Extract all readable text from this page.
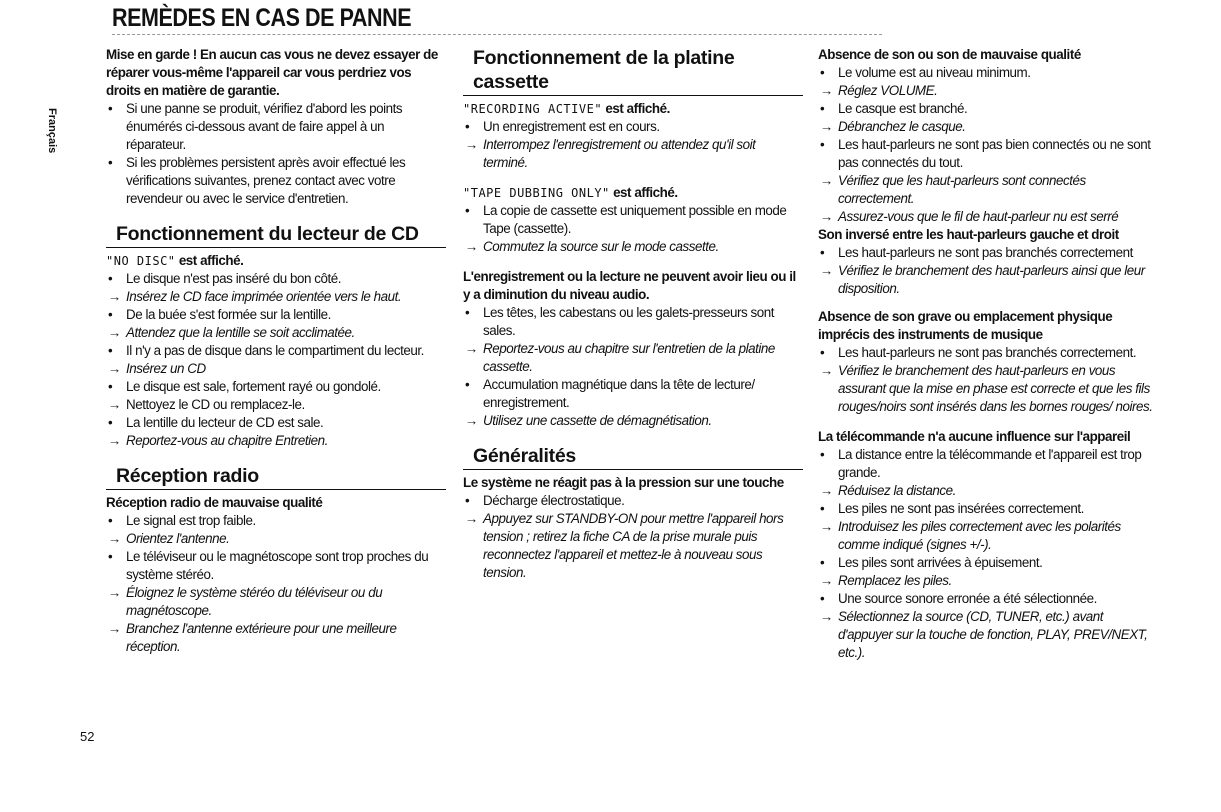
REMÈDES EN CAS DE PANNE
Français

Mise en garde ! En aucun cas vous ne devez essayer de réparer vous-même l'appareil car vous perdriez vos droits en matière de garantie.

• Si une panne se produit, vérifiez d'abord les points énumérés ci-dessous avant de faire appel à un réparateur.
• Si les problèmes persistent après avoir effectué les vérifications suivantes, prenez contact avec votre revendeur ou avec le service d'entretien.
Fonctionnement du lecteur de CD

"NO DISC" est affiché.

• Le disque n'est pas inséré du bon côté.
→ Insérez le CD face imprimée orientée vers le haut.
• De la buée s'est formée sur la lentille.
→ Attendez que la lentille se soit acclimatée.
• Il n'y a pas de disque dans le compartiment du lecteur.
→ Insérez un CD
• Le disque est sale, fortement rayé ou gondolé.
→ Nettoyez le CD ou remplacez-le.
• La lentille du lecteur de CD est sale.
→ Reportez-vous au chapitre Entretien.
Réception radio

Réception radio de mauvaise qualité

• Le signal est trop faible.
→ Orientez l'antenne.
• Le téléviseur ou le magnétoscope sont trop proches du système stéréo.
→ Éloignez le système stéréo du téléviseur ou du magnétoscope.
→ Branchez l'antenne extérieure pour une meilleure réception.
Fonctionnement de la platine cassette

"RECORDING ACTIVE" est affiché.

• Un enregistrement est en cours.
→ Interrompez l'enregistrement ou attendez qu'il soit terminé.

"TAPE DUBBING ONLY" est affiché.

• La copie de cassette est uniquement possible en mode Tape (cassette).
→ Commutez la source sur le mode cassette.

L'enregistrement ou la lecture ne peuvent avoir lieu ou il y a diminution du niveau audio.

• Les têtes, les cabestans ou les galets-presseurs sont sales.
→ Reportez-vous au chapitre sur l'entretien de la platine cassette.
• Accumulation magnétique dans la tête de lecture/ enregistrement.
→ Utilisez une cassette de démagnétisation.
Généralités

Le système ne réagit pas à la pression sur une touche

• Décharge électrostatique.
→ Appuyez sur STANDBY-ON pour mettre l'appareil hors tension ; retirez la fiche CA de la prise murale puis reconnectez l'appareil et mettez-le à nouveau sous tension.

Absence de son ou son de mauvaise qualité

• Le volume est au niveau minimum.
→ Réglez VOLUME.
• Le casque est branché.
→ Débranchez le casque.
• Les haut-parleurs ne sont pas bien connectés ou ne sont pas connectés du tout.
→ Vérifiez que les haut-parleurs sont connectés correctement.
→ Assurez-vous que le fil de haut-parleur nu est serré

Son inversé entre les haut-parleurs gauche et droit

• Les haut-parleurs ne sont pas branchés correctement
→ Vérifiez le branchement des haut-parleurs ainsi que leur disposition.

Absence de son grave ou emplacement physique imprécis des instruments de musique

• Les haut-parleurs ne sont pas branchés correctement.
→ Vérifiez le branchement des haut-parleurs en vous assurant que la mise en phase est correcte et que les fils rouges/noirs sont insérés dans les bornes rouges/ noires.

La télécommande n'a aucune influence sur l'appareil

• La distance entre la télécommande et l'appareil est trop grande.
→ Réduisez la distance.
• Les piles ne sont pas insérées correctement.
→ Introduisez les piles correctement avec les polarités comme indiqué (signes +/-).
• Les piles sont arrivées à épuisement.
→ Remplacez les piles.
• Une source sonore erronée a été sélectionnée.
→ Sélectionnez la source (CD, TUNER, etc.) avant d'appuyer sur la touche de fonction, PLAY, PREV/NEXT, etc.).
52
